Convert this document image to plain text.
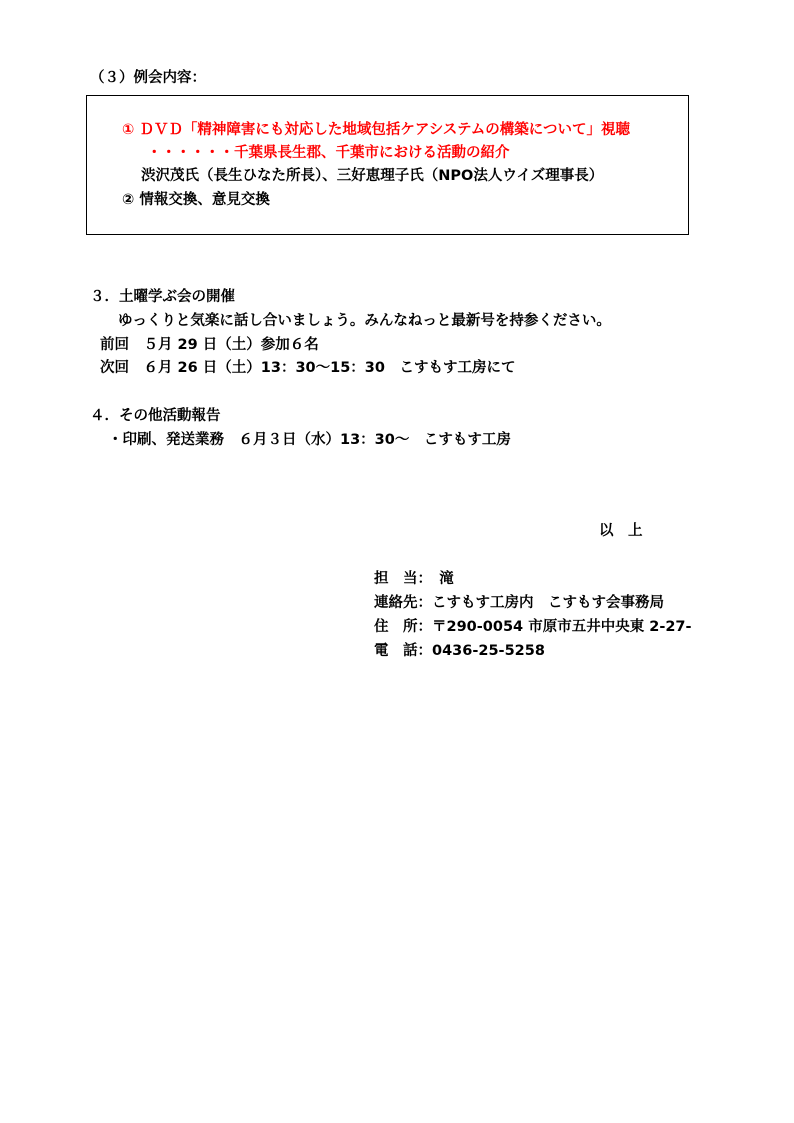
（３）例会内容：
① ＤＶＤ「精神障害にも対応した地域包括ケアシステムの構築について」視聴
・・・・・・千葉県長生郡、千葉市における活動の紹介
渋沢茂氏（長生ひなた所長）、三好恵理子氏（NPO法人ウイズ理事長）
② 情報交換、意見交換
３．土曜学ぶ会の開催
ゆっくりと気楽に話し合いましょう。みんなねっと最新号を持参ください。
前回　５月 29 日（土）参加６名
次回　６月 26 日（土）13：30～15：30　こすもす工房にて
４．その他活動報告
・印刷、発送業務　６月３日（水）13：30～　こすもす工房
以　上
担　当：　滝
連絡先：こすもす工房内　こすもす会事務局
住　所：〒290-0054 市原市五井中央東 2-27-
電　話：0436-25-5258
